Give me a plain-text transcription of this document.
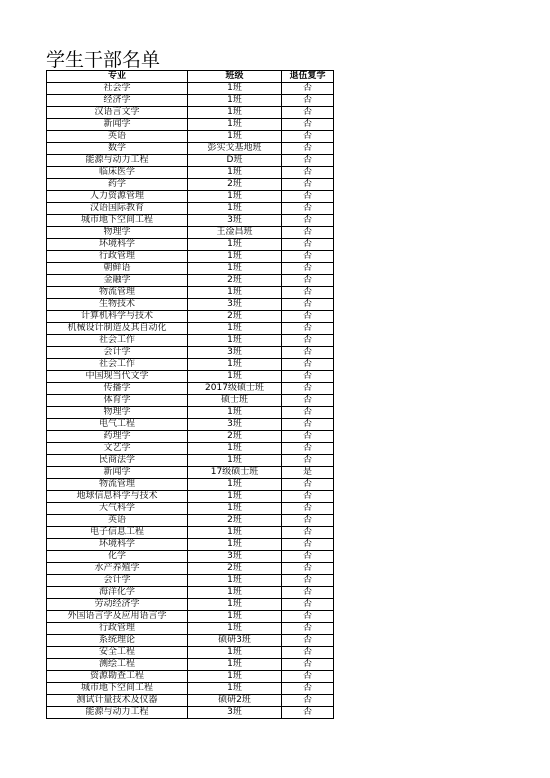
学生干部名单
专业	班级	退伍复学
社会学	1班	否
经济学	1班	否
汉语言文学	1班	否
新闻学	1班	否
英语	1班	否
数学	彭实戈基地班	否
能源与动力工程	D班	否
临床医学	1班	否
药学	2班	否
人力资源管理	1班	否
汉语国际教育	1班	否
城市地下空间工程	3班	否
物理学	王淦昌班	否
环境科学	1班	否
行政管理	1班	否
朝鲜语	1班	否
金融学	2班	否
物流管理	1班	否
生物技术	3班	否
计算机科学与技术	2班	否
机械设计制造及其自动化	1班	否
社会工作	1班	否
会计学	3班	否
社会工作	1班	否
中国现当代文学	1班	否
传播学	2017级硕士班	否
体育学	硕士班	否
物理学	1班	否
电气工程	3班	否
药理学	2班	否
文艺学	1班	否
民商法学	1班	否
新闻学	17级硕士班	是
物流管理	1班	否
地球信息科学与技术	1班	否
大气科学	1班	否
英语	2班	否
电子信息工程	1班	否
环境科学	1班	否
化学	3班	否
水产养殖学	2班	否
会计学	1班	否
海洋化学	1班	否
劳动经济学	1班	否
外国语言学及应用语言学	1班	否
行政管理	1班	否
系统理论	硕研3班	否
安全工程	1班	否
测绘工程	1班	否
资源勘查工程	1班	否
城市地下空间工程	1班	否
测试计量技术及仪器	硕研2班	否
能源与动力工程	3班	否
